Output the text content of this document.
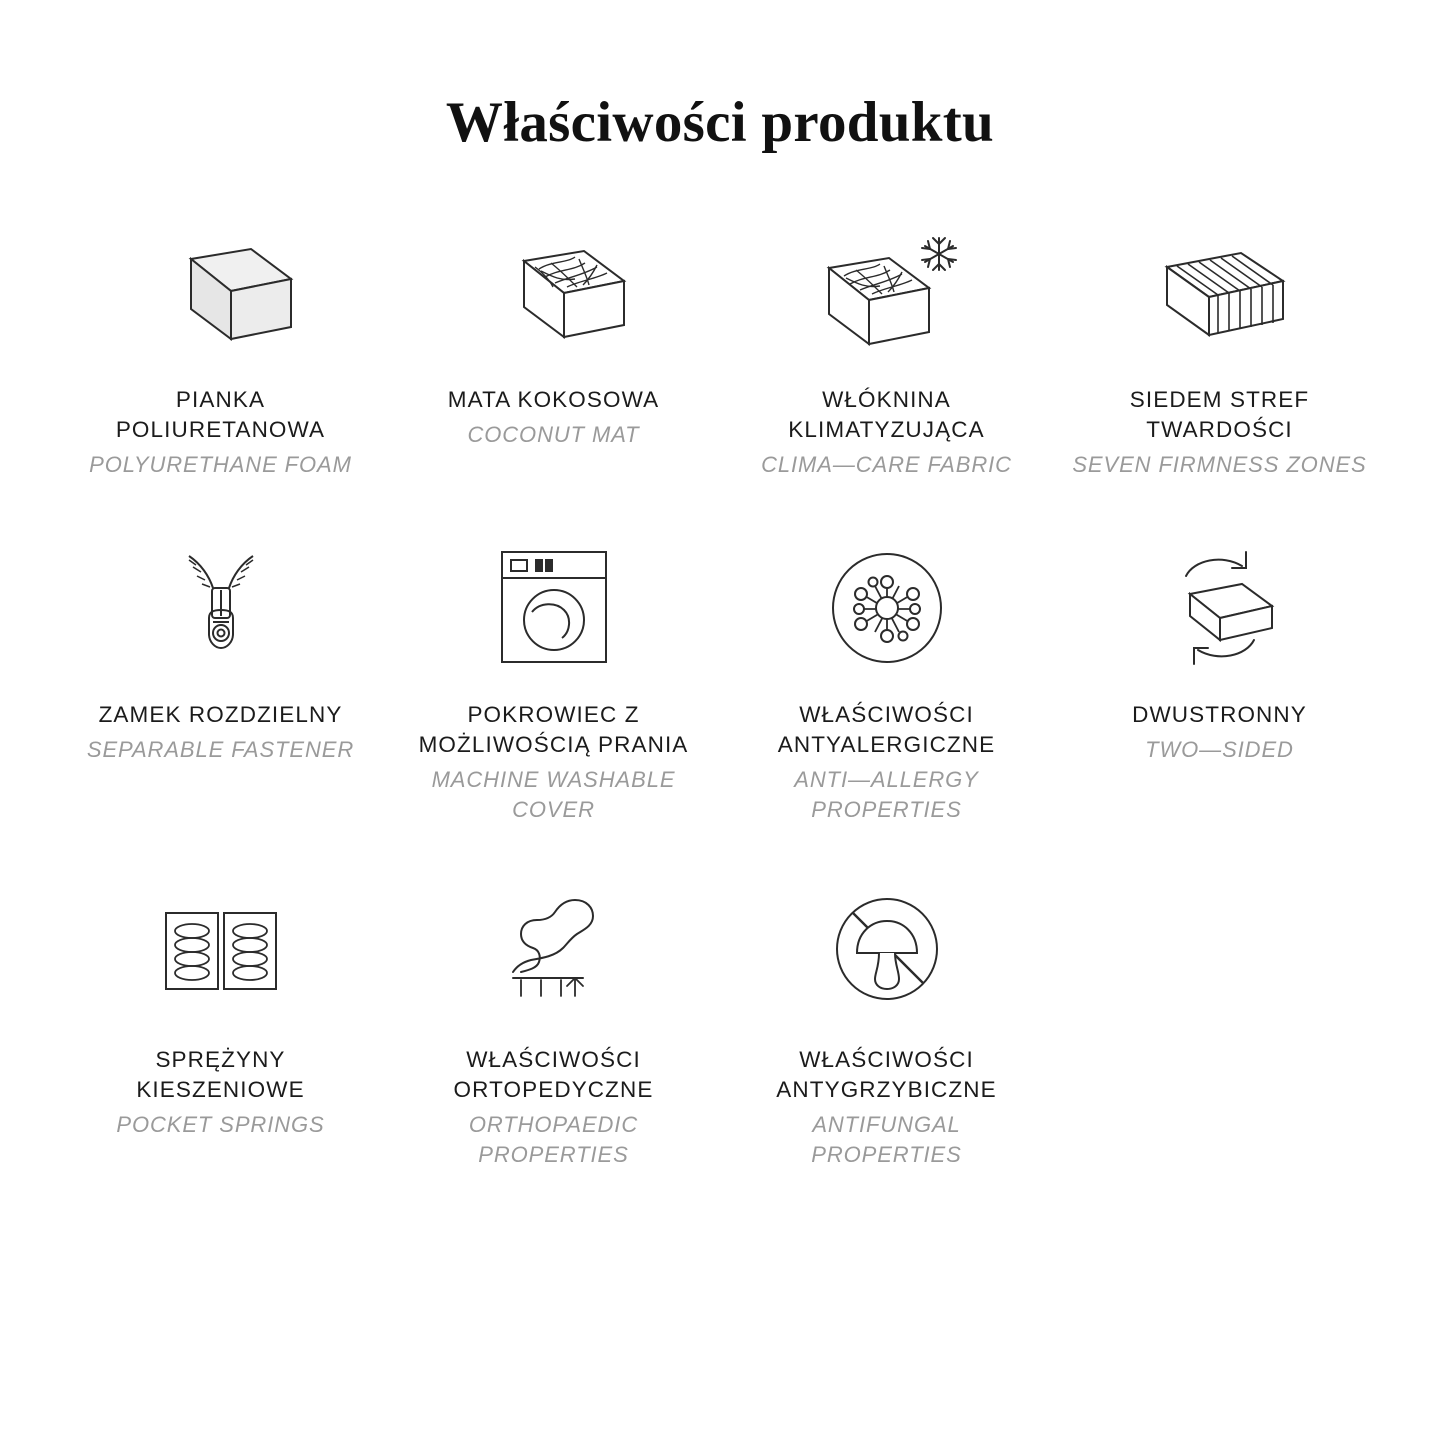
Właściwości produktu
PIANKA POLIURETANOWA
POLYURETHANE FOAM
MATA KOKOSOWA
COCONUT MAT
WŁÓKNINA KLIMATYZUJĄCA
CLIMA—CARE FABRIC
SIEDEM STREF TWARDOŚCI
SEVEN FIRMNESS ZONES
ZAMEK ROZDZIELNY
SEPARABLE FASTENER
POKROWIEC Z MOŻLIWOŚCIĄ PRANIA
MACHINE WASHABLE COVER
WŁAŚCIWOŚCI ANTYALERGICZNE
ANTI—ALLERGY PROPERTIES
DWUSTRONNY
TWO—SIDED
SPRĘŻYNY KIESZENIOWE
POCKET SPRINGS
WŁAŚCIWOŚCI ORTOPEDYCZNE
ORTHOPAEDIC PROPERTIES
WŁAŚCIWOŚCI ANTYGRZYBICZNE
ANTIFUNGAL PROPERTIES
